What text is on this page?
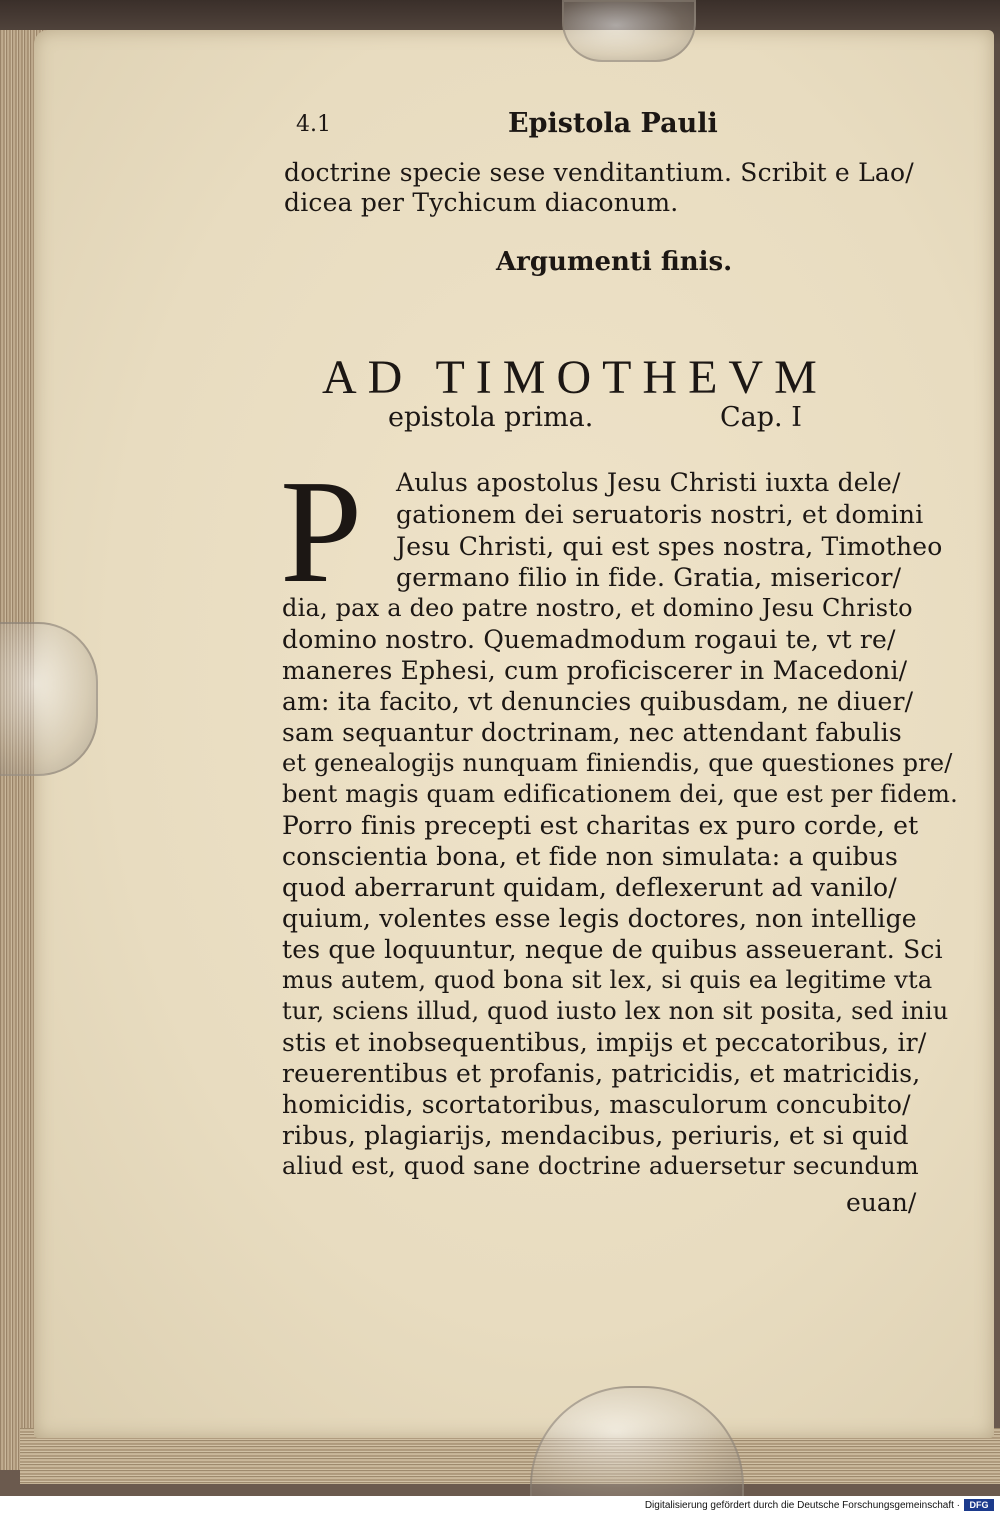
4.1	Epistola Pauli
doctrine specie sese venditantium. Scribit e Lao/
dicea per Tychicum diaconum.
Argumenti finis.
AD TIMOTHEVM
epistola prima.	Cap. I
P Aulus apostolus Jesu Christi iuxta dele/
gationem dei seruatoris nostri, et domini
Jesu Christi, qui est spes nostra, Timotheo
germano filio in fide. Gratia, misericor/
dia, pax a deo patre nostro, et domino Jesu Christo
domino nostro. Quemadmodum rogaui te, vt re/
maneres Ephesi, cum proficiscerer in Macedoni/
am: ita facito, vt denuncies quibusdam, ne diuer/
sam sequantur doctrinam, nec attendant fabulis
et genealogijs nunquam finiendis, que questiones pre/
bent magis quam edificationem dei, que est per fidem.
Porro finis precepti est charitas ex puro corde, et
conscientia bona, et fide non simulata: a quibus
quod aberrarunt quidam, deflexerunt ad vanilo/
quium, volentes esse legis doctores, non intellige
tes que loquuntur, neque de quibus asseuerant. Sci
mus autem, quod bona sit lex, si quis ea legitime vta
tur, sciens illud, quod iusto lex non sit posita, sed iniu
stis et inobsequentibus, impijs et peccatoribus, ir/
reuerentibus et profanis, patricidis, et matricidis,
homicidis, scortatoribus, masculorum concubito/
ribus, plagiarijs, mendacibus, periuris, et si quid
aliud est, quod sane doctrine aduersetur secundum
euan/
Digitalisierung gefördert durch die Deutsche Forschungsgemeinschaft ·	DFG
